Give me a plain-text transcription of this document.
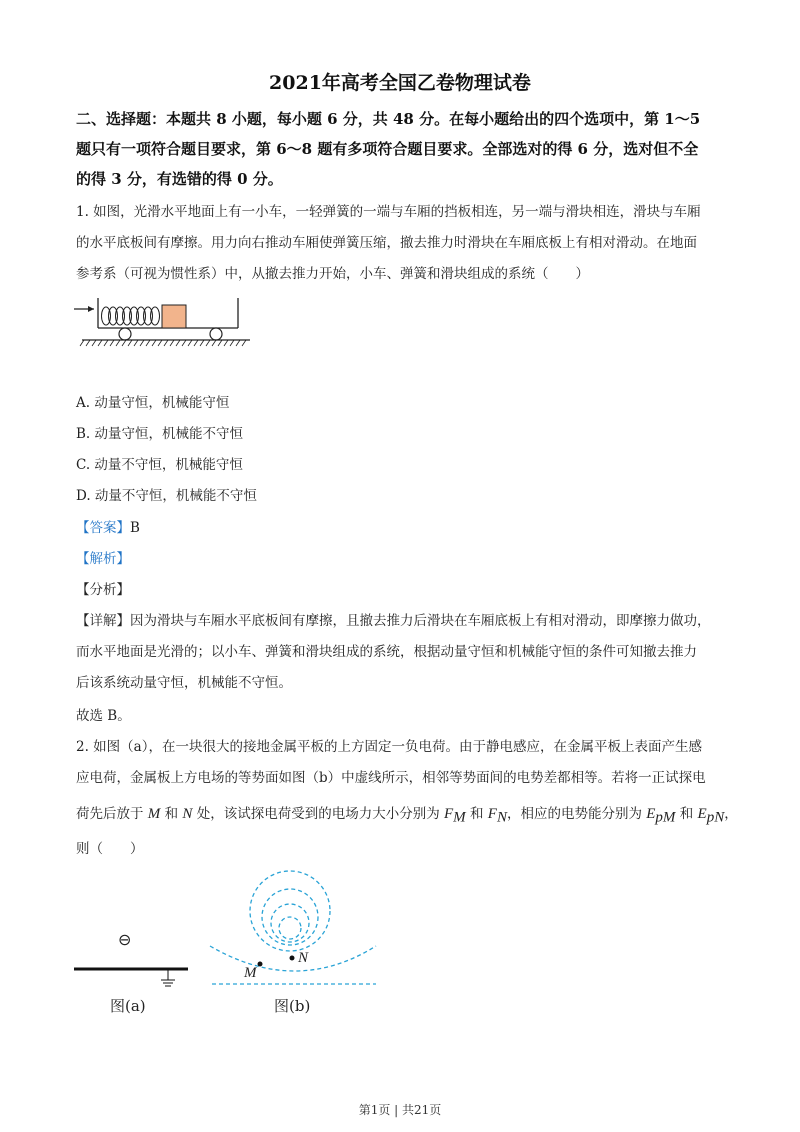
2021年高考全国乙卷物理试卷
二、选择题：本题共 8 小题，每小题 6 分，共 48 分。在每小题给出的四个选项中，第 1～5
题只有一项符合题目要求，第 6～8 题有多项符合题目要求。全部选对的得 6 分，选对但不全
的得 3 分，有选错的得 0 分。
1. 如图，光滑水平地面上有一小车，一轻弹簧的一端与车厢的挡板相连，另一端与滑块相连，滑块与车厢
的水平底板间有摩擦。用力向右推动车厢使弹簧压缩，撤去推力时滑块在车厢底板上有相对滑动。在地面
参考系（可视为惯性系）中，从撤去推力开始，小车、弹簧和滑块组成的系统（　　）
A. 动量守恒，机械能守恒
B. 动量守恒，机械能不守恒
C. 动量不守恒，机械能守恒
D. 动量不守恒，机械能不守恒
【答案】B
【解析】
【分析】
【详解】因为滑块与车厢水平底板间有摩擦，且撤去推力后滑块在车厢底板上有相对滑动，即摩擦力做功，
而水平地面是光滑的；以小车、弹簧和滑块组成的系统，根据动量守恒和机械能守恒的条件可知撤去推力
后该系统动量守恒，机械能不守恒。
故选 B。
2. 如图（a），在一块很大的接地金属平板的上方固定一负电荷。由于静电感应，在金属平板上表面产生感
应电荷，金属板上方电场的等势面如图（b）中虚线所示，相邻等势面间的电势差都相等。若将一正试探电
荷先后放于 M 和 N 处，该试探电荷受到的电场力大小分别为 $F_M$ 和 $F_N$，相应的电势能分别为 $E_{pM}$ 和 $E_{pN}$，
则（　　）
⊖
图(a)
M
N
图(b)
第1页 | 共21页
